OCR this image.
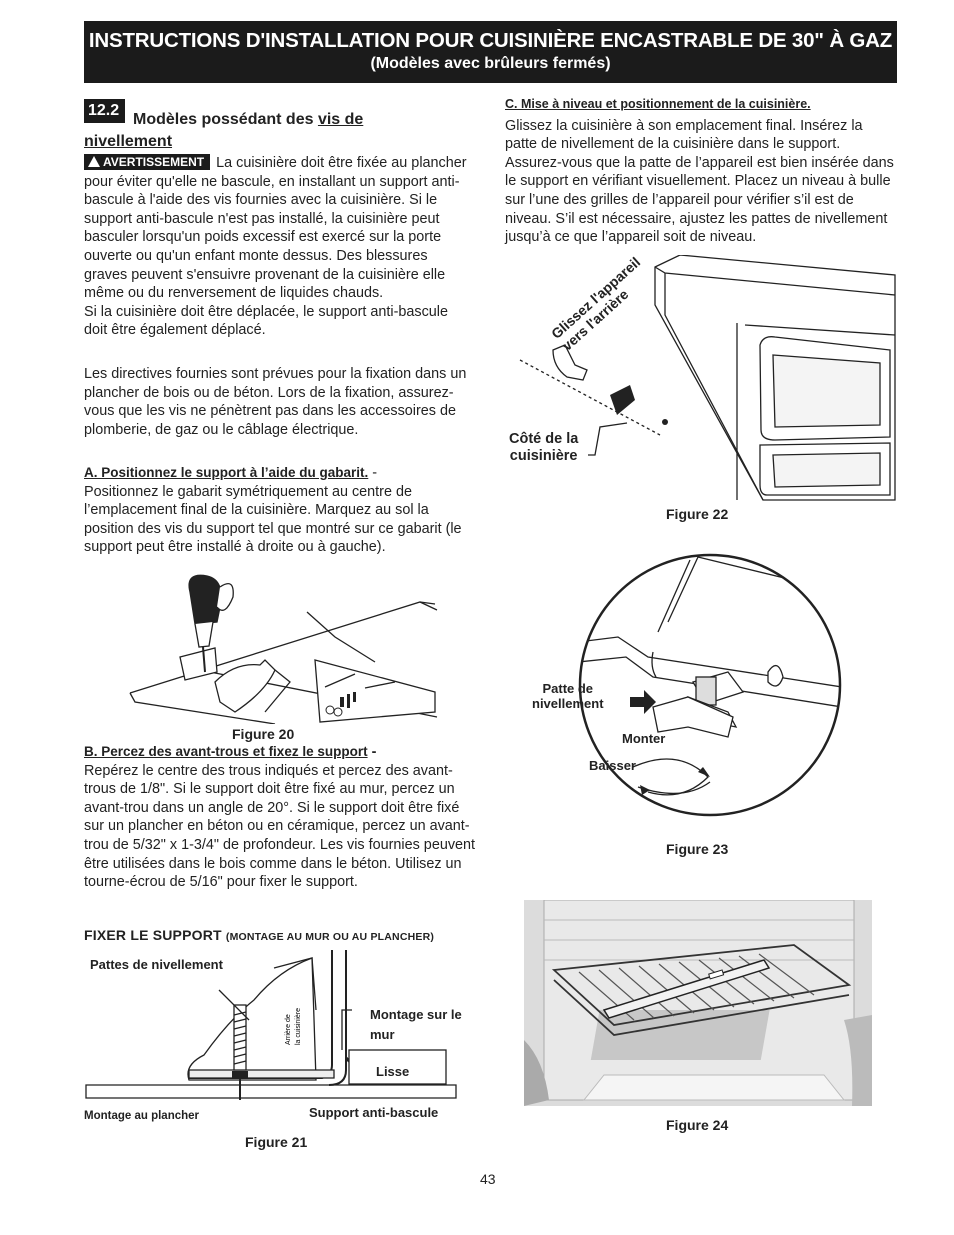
INSTRUCTIONS D'INSTALLATION POUR CUISINIÈRE ENCASTRABLE DE 30" À GAZ
(Modèles avec brûleurs fermés)
12.2
Modèles possédant des vis de
nivellement
AVERTISSEMENT La cuisinière doit être fixée au plancher pour éviter qu'elle ne bascule, en installant un support anti-bascule à l'aide des vis fournies avec la cuisinière. Si le support anti-bascule n'est pas installé, la cuisinière peut basculer lorsqu'un poids excessif est exercé sur la porte ouverte ou qu'un enfant monte dessus. Des blessures graves peuvent s'ensuivre provenant de la cuisinière elle même ou du renversement de liquides chauds.
Si la cuisinière doit être déplacée, le support anti-bascule doit être également déplacé.
Les directives fournies sont prévues pour la fixation dans un plancher de bois ou de béton. Lors de la fixation, assurez-vous que les vis ne pénètrent pas dans les accessoires de plomberie, de gaz ou le câblage électrique.
A. Positionnez le support à l’aide du gabarit. -
Positionnez le gabarit symétriquement au centre de l’emplacement final de la cuisinière. Marquez au sol la position des vis du support tel que montré sur ce gabarit (le support peut être installé à droite ou à gauche).
Figure 20
B. Percez des avant-trous et fixez le support -
Repérez le centre des trous indiqués et percez des avant-trous de 1/8". Si le support doit être fixé au mur, percez un avant-trou dans un angle de 20°. Si le support doit être fixé sur un plancher en béton ou en céramique, percez un avant-trou de 5/32" x 1-3/4" de profondeur. Les vis fournies peuvent être utilisées dans le bois comme dans le béton. Utilisez un tourne-écrou de 5/16" pour fixer le support.
FIXER LE SUPPORT (MONTAGE AU MUR OU AU PLANCHER)
Arrière de la cuisinière
Pattes de nivellement
Montage sur le mur
Lisse
Montage au plancher	Support anti-bascule
Figure 21
C. Mise à niveau et positionnement de la cuisinière.
Glissez la cuisinière à son emplacement final. Insérez la patte de nivellement de la cuisinière dans le support. Assurez-vous que la patte de l’appareil est bien insérée dans le support en vérifiant visuellement. Placez un niveau à bulle sur l’une des grilles de l’appareil pour vérifier s’il est de niveau. S’il est nécessaire, ajustez les pattes de nivellement jusqu’à ce que l’appareil soit de niveau.
Glissez l'appareil vers l'arrière
Côté de la
cuisinière
Figure 22
Patte de
nivellement
Monter
Baisser
Figure 23
Figure 24
43
